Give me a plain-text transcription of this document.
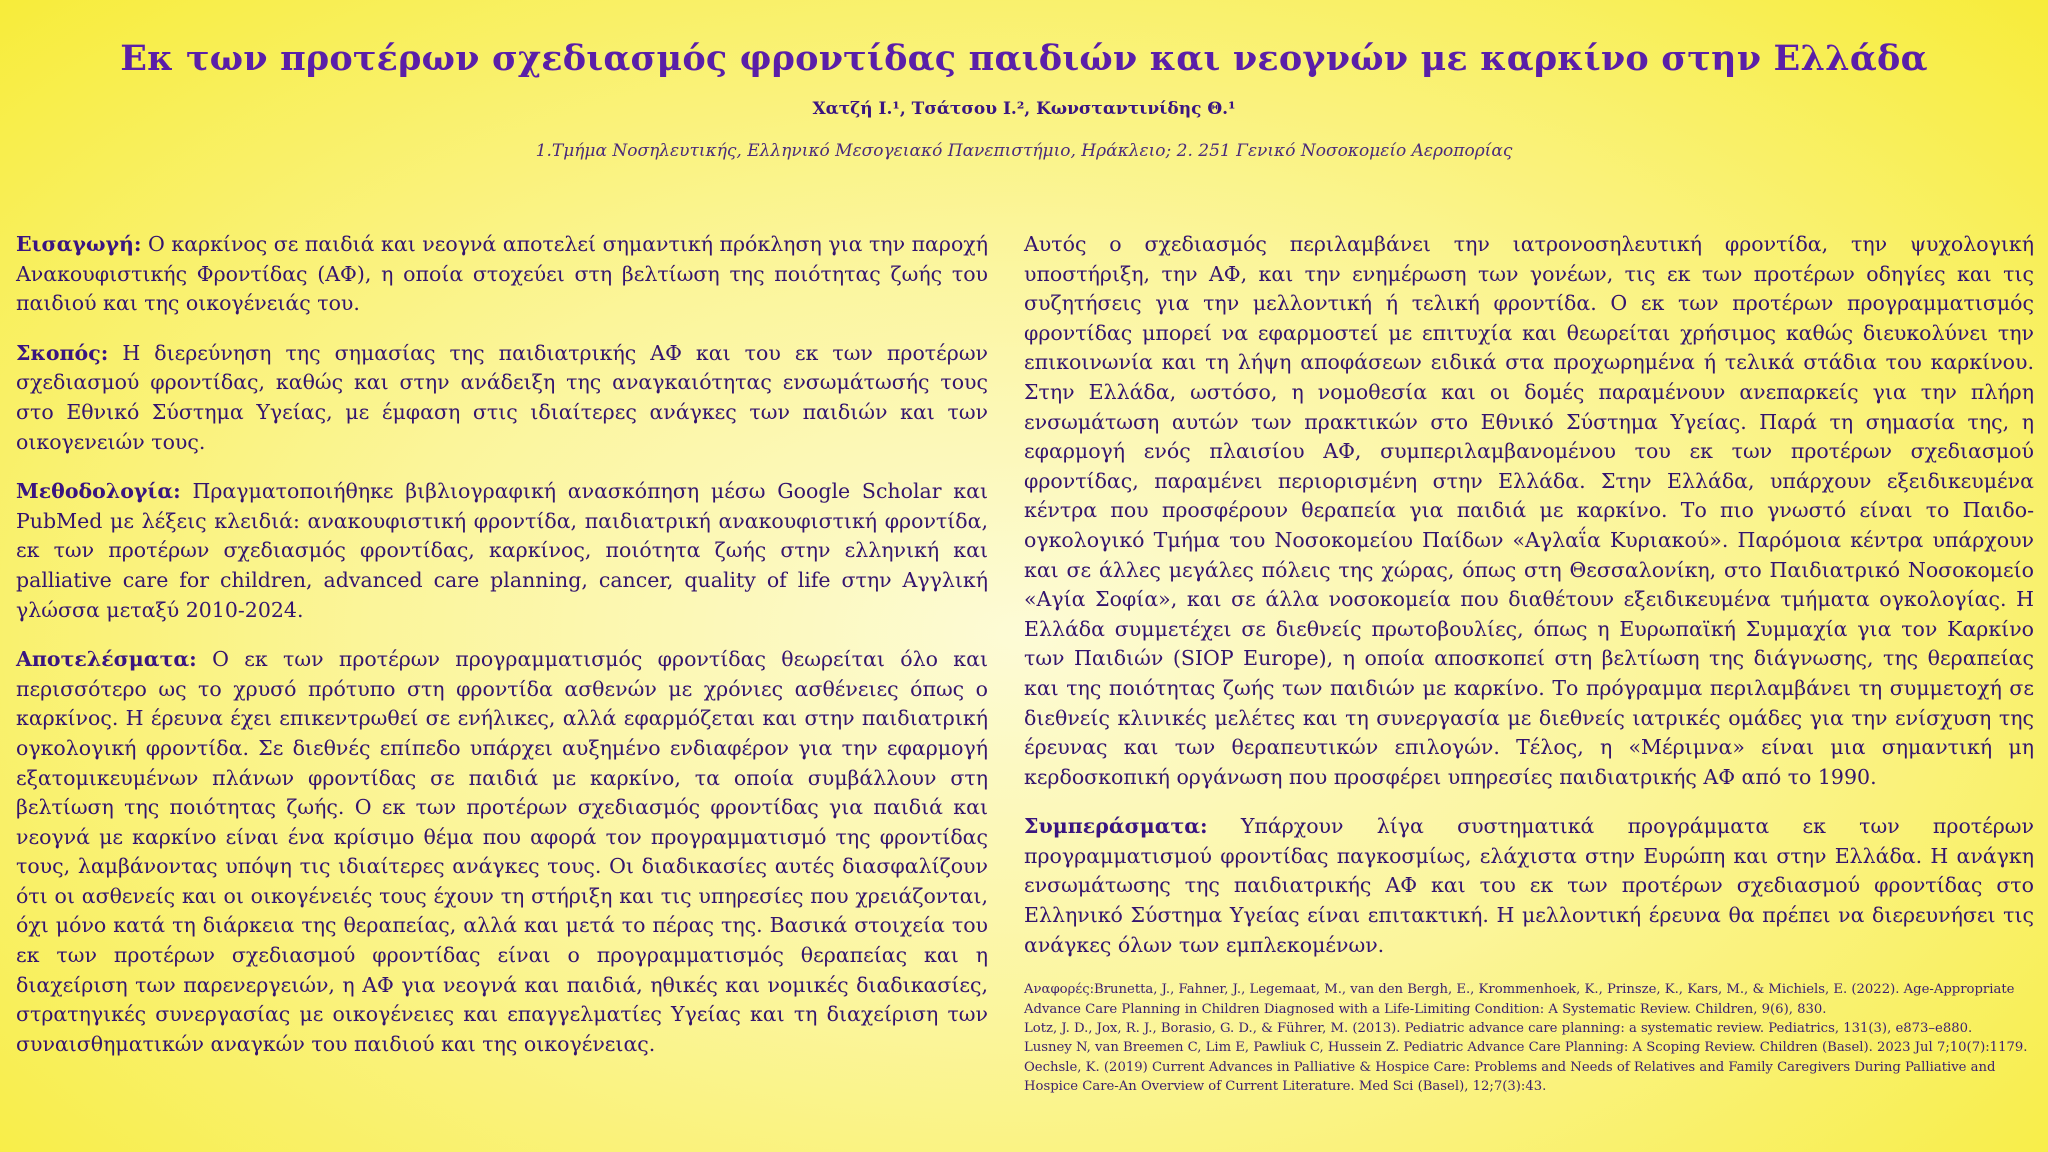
Εκ των προτέρων σχεδιασμός φροντίδας παιδιών και νεογνών με καρκίνο στην Ελλάδα
Χατζή Ι.¹, Τσάτσου Ι.², Κωνσταντινίδης Θ.¹
1.Τμήμα Νοσηλευτικής, Ελληνικό Μεσογειακό Πανεπιστήμιο, Ηράκλειο; 2. 251 Γενικό Νοσοκομείο Αεροπορίας

Εισαγωγή: Ο καρκίνος σε παιδιά και νεογνά αποτελεί σημαντική πρόκληση για την παροχή Ανακουφιστικής Φροντίδας (ΑΦ), η οποία στοχεύει στη βελτίωση της ποιότητας ζωής του παιδιού και της οικογένειάς του.

Σκοπός: Η διερεύνηση της σημασίας της παιδιατρικής ΑΦ και του εκ των προτέρων σχεδιασμού φροντίδας, καθώς και στην ανάδειξη της αναγκαιότητας ενσωμάτωσής τους στο Εθνικό Σύστημα Υγείας, με έμφαση στις ιδιαίτερες ανάγκες των παιδιών και των οικογενειών τους.

Μεθοδολογία: Πραγματοποιήθηκε βιβλιογραφική ανασκόπηση μέσω Google Scholar και PubMed με λέξεις κλειδιά: ανακουφιστική φροντίδα, παιδιατρική ανακουφιστική φροντίδα, εκ των προτέρων σχεδιασμός φροντίδας, καρκίνος, ποιότητα ζωής στην ελληνική και palliative care for children, advanced care planning, cancer, quality of life στην Αγγλική γλώσσα μεταξύ 2010-2024.

Αποτελέσματα: Ο εκ των προτέρων προγραμματισμός φροντίδας θεωρείται όλο και περισσότερο ως το χρυσό πρότυπο στη φροντίδα ασθενών με χρόνιες ασθένειες όπως ο καρκίνος. Η έρευνα έχει επικεντρωθεί σε ενήλικες, αλλά εφαρμόζεται και στην παιδιατρική ογκολογική φροντίδα. Σε διεθνές επίπεδο υπάρχει αυξημένο ενδιαφέρον για την εφαρμογή εξατομικευμένων πλάνων φροντίδας σε παιδιά με καρκίνο, τα οποία συμβάλλουν στη βελτίωση της ποιότητας ζωής. Ο εκ των προτέρων σχεδιασμός φροντίδας για παιδιά και νεογνά με καρκίνο είναι ένα κρίσιμο θέμα που αφορά τον προγραμματισμό της φροντίδας τους, λαμβάνοντας υπόψη τις ιδιαίτερες ανάγκες τους. Οι διαδικασίες αυτές διασφαλίζουν ότι οι ασθενείς και οι οικογένειές τους έχουν τη στήριξη και τις υπηρεσίες που χρειάζονται, όχι μόνο κατά τη διάρκεια της θεραπείας, αλλά και μετά το πέρας της. Βασικά στοιχεία του εκ των προτέρων σχεδιασμού φροντίδας είναι ο προγραμματισμός θεραπείας και η διαχείριση των παρενεργειών, η ΑΦ για νεογνά και παιδιά, ηθικές και νομικές διαδικασίες, στρατηγικές συνεργασίας με οικογένειες και επαγγελματίες Υγείας και τη διαχείριση των συναισθηματικών αναγκών του παιδιού και της οικογένειας.

Αυτός ο σχεδιασμός περιλαμβάνει την ιατρονοσηλευτική φροντίδα, την ψυχολογική υποστήριξη, την ΑΦ, και την ενημέρωση των γονέων, τις εκ των προτέρων οδηγίες και τις συζητήσεις για την μελλοντική ή τελική φροντίδα. Ο εκ των προτέρων προγραμματισμός φροντίδας μπορεί να εφαρμοστεί με επιτυχία και θεωρείται χρήσιμος καθώς διευκολύνει την επικοινωνία και τη λήψη αποφάσεων ειδικά στα προχωρημένα ή τελικά στάδια του καρκίνου. Στην Ελλάδα, ωστόσο, η νομοθεσία και οι δομές παραμένουν ανεπαρκείς για την πλήρη ενσωμάτωση αυτών των πρακτικών στο Εθνικό Σύστημα Υγείας. Παρά τη σημασία της, η εφαρμογή ενός πλαισίου ΑΦ, συμπεριλαμβανομένου του εκ των προτέρων σχεδιασμού φροντίδας, παραμένει περιορισμένη στην Ελλάδα. Στην Ελλάδα, υπάρχουν εξειδικευμένα κέντρα που προσφέρουν θεραπεία για παιδιά με καρκίνο. Το πιο γνωστό είναι το Παιδο-ογκολογικό Τμήμα του Νοσοκομείου Παίδων «Αγλαΐα Κυριακού». Παρόμοια κέντρα υπάρχουν και σε άλλες μεγάλες πόλεις της χώρας, όπως στη Θεσσαλονίκη, στο Παιδιατρικό Νοσοκομείο «Αγία Σοφία», και σε άλλα νοσοκομεία που διαθέτουν εξειδικευμένα τμήματα ογκολογίας. Η Ελλάδα συμμετέχει σε διεθνείς πρωτοβουλίες, όπως η Ευρωπαϊκή Συμμαχία για τον Καρκίνο των Παιδιών (SIOP Europe), η οποία αποσκοπεί στη βελτίωση της διάγνωσης, της θεραπείας και της ποιότητας ζωής των παιδιών με καρκίνο. Το πρόγραμμα περιλαμβάνει τη συμμετοχή σε διεθνείς κλινικές μελέτες και τη συνεργασία με διεθνείς ιατρικές ομάδες για την ενίσχυση της έρευνας και των θεραπευτικών επιλογών. Τέλος, η «Μέριμνα» είναι μια σημαντική μη κερδοσκοπική οργάνωση που προσφέρει υπηρεσίες παιδιατρικής ΑΦ από το 1990.

Συμπεράσματα: Υπάρχουν λίγα συστηματικά προγράμματα εκ των προτέρων προγραμματισμού φροντίδας παγκοσμίως, ελάχιστα στην Ευρώπη και στην Ελλάδα. Η ανάγκη ενσωμάτωσης της παιδιατρικής ΑΦ και του εκ των προτέρων σχεδιασμού φροντίδας στο Ελληνικό Σύστημα Υγείας είναι επιτακτική. Η μελλοντική έρευνα θα πρέπει να διερευνήσει τις ανάγκες όλων των εμπλεκομένων.

Αναφορές:Brunetta, J., Fahner, J., Legemaat, M., van den Bergh, E., Krommenhoek, K., Prinsze, K., Kars, M., & Michiels, E. (2022). Age-Appropriate Advance Care Planning in Children Diagnosed with a Life-Limiting Condition: A Systematic Review. Children, 9(6), 830.
Lotz, J. D., Jox, R. J., Borasio, G. D., & Führer, M. (2013). Pediatric advance care planning: a systematic review. Pediatrics, 131(3), e873–e880.
Lusney N, van Breemen C, Lim E, Pawliuk C, Hussein Z. Pediatric Advance Care Planning: A Scoping Review. Children (Basel). 2023 Jul 7;10(7):1179.
Oechsle, K. (2019) Current Advances in Palliative & Hospice Care: Problems and Needs of Relatives and Family Caregivers During Palliative and Hospice Care-An Overview of Current Literature. Med Sci (Basel), 12;7(3):43.
